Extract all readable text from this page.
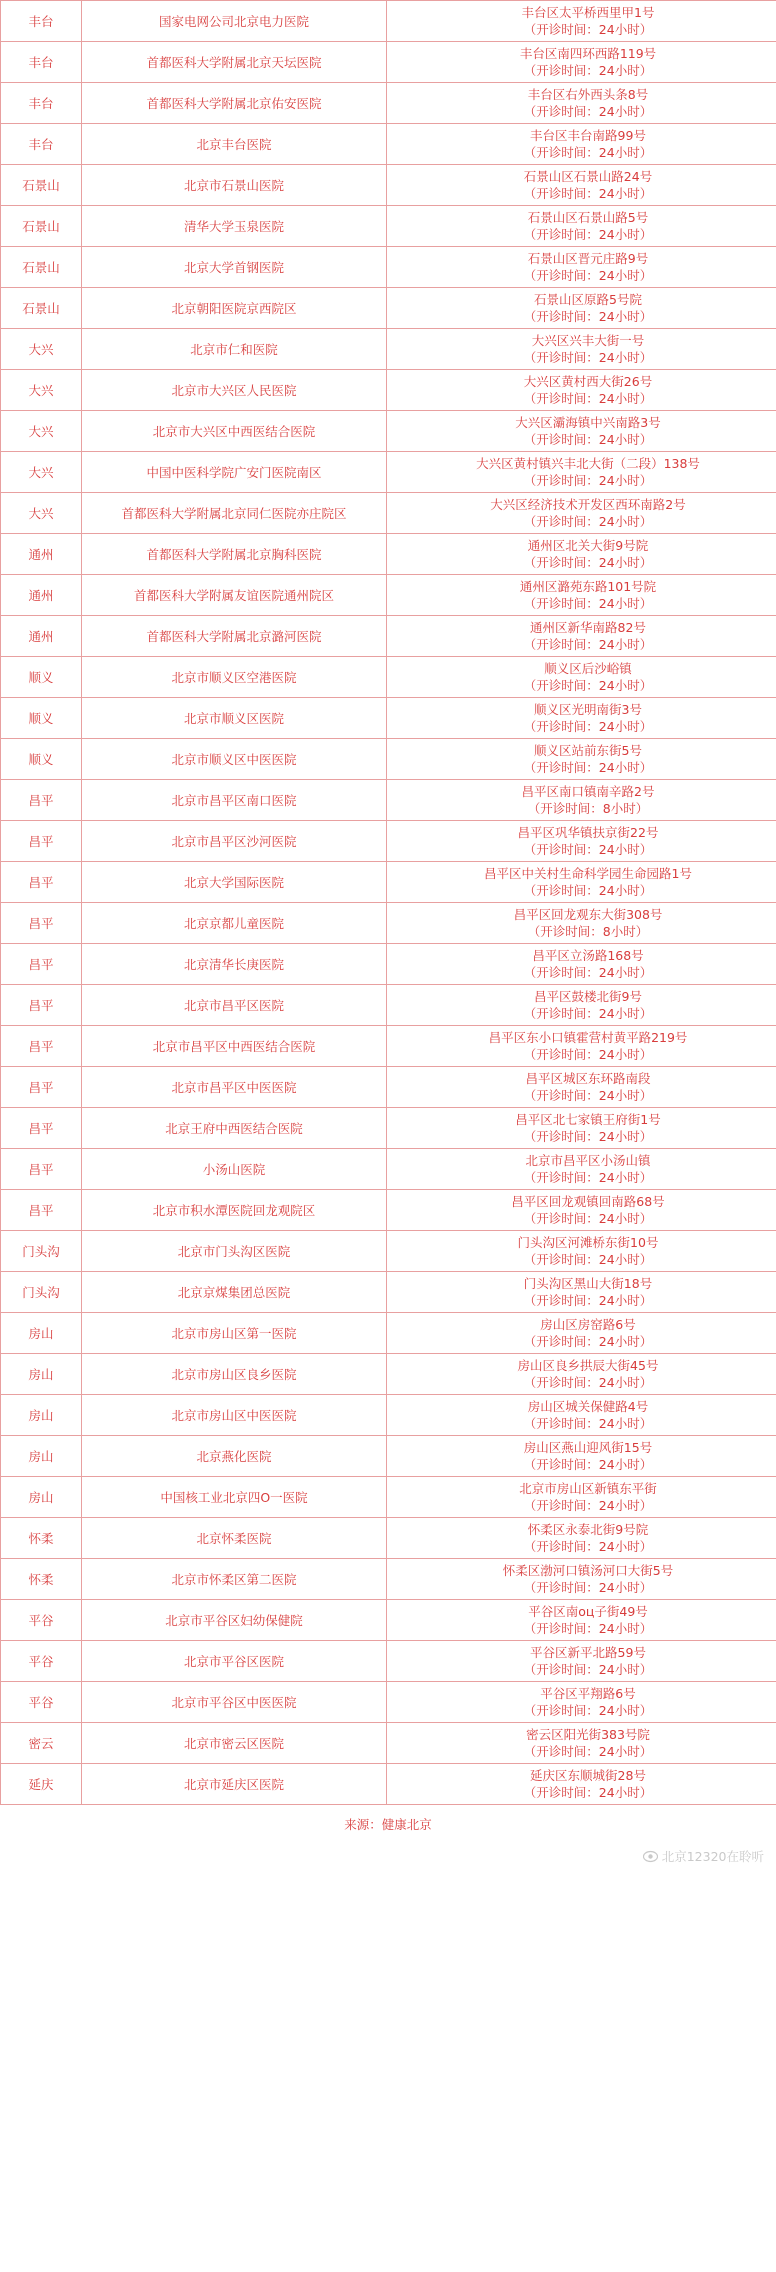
丰台	国家电网公司北京电力医院	丰台区太平桥西里甲1号
（开诊时间：24小时）

丰台	首都医科大学附属北京天坛医院	丰台区南四环西路119号
（开诊时间：24小时）

丰台	首都医科大学附属北京佑安医院	丰台区右外西头条8号
（开诊时间：24小时）

丰台	北京丰台医院	丰台区丰台南路99号
（开诊时间：24小时）

石景山	北京市石景山医院	石景山区石景山路24号
（开诊时间：24小时）

石景山	清华大学玉泉医院	石景山区石景山路5号
（开诊时间：24小时）

石景山	北京大学首钢医院	石景山区晋元庄路9号
（开诊时间：24小时）

石景山	北京朝阳医院京西院区	石景山区原路5号院
（开诊时间：24小时）

大兴	北京市仁和医院	大兴区兴丰大街一号
（开诊时间：24小时）

大兴	北京市大兴区人民医院	大兴区黄村西大街26号
（开诊时间：24小时）

大兴	北京市大兴区中西医结合医院	大兴区灞海镇中兴南路3号
（开诊时间：24小时）

大兴	中国中医科学院广安门医院南区	大兴区黄村镇兴丰北大街（二段）138号
（开诊时间：24小时）

大兴	首都医科大学附属北京同仁医院亦庄院区	大兴区经济技术开发区西环南路2号
（开诊时间：24小时）

通州	首都医科大学附属北京胸科医院	通州区北关大街9号院
（开诊时间：24小时）

通州	首都医科大学附属友谊医院通州院区	通州区潞苑东路101号院
（开诊时间：24小时）

通州	首都医科大学附属北京潞河医院	通州区新华南路82号
（开诊时间：24小时）

顺义	北京市顺义区空港医院	顺义区后沙峪镇
（开诊时间：24小时）

顺义	北京市顺义区医院	顺义区光明南街3号
（开诊时间：24小时）

顺义	北京市顺义区中医医院	顺义区站前东街5号
（开诊时间：24小时）

昌平	北京市昌平区南口医院	昌平区南口镇南辛路2号
（开诊时间：8小时）

昌平	北京市昌平区沙河医院	昌平区巩华镇扶京街22号
（开诊时间：24小时）

昌平	北京大学国际医院	昌平区中关村生命科学园生命园路1号
（开诊时间：24小时）

昌平	北京京都儿童医院	昌平区回龙观东大街308号
（开诊时间：8小时）

昌平	北京清华长庚医院	昌平区立汤路168号
（开诊时间：24小时）

昌平	北京市昌平区医院	昌平区鼓楼北街9号
（开诊时间：24小时）

昌平	北京市昌平区中西医结合医院	昌平区东小口镇霍营村黄平路219号
（开诊时间：24小时）

昌平	北京市昌平区中医医院	昌平区城区东环路南段
（开诊时间：24小时）

昌平	北京王府中西医结合医院	昌平区北七家镇王府街1号
（开诊时间：24小时）

昌平	小汤山医院	北京市昌平区小汤山镇
（开诊时间：24小时）

昌平	北京市积水潭医院回龙观院区	昌平区回龙观镇回南路68号
（开诊时间：24小时）

门头沟	北京市门头沟区医院	门头沟区河滩桥东街10号
（开诊时间：24小时）

门头沟	北京京煤集团总医院	门头沟区黑山大街18号
（开诊时间：24小时）

房山	北京市房山区第一医院	房山区房窑路6号
（开诊时间：24小时）

房山	北京市房山区良乡医院	房山区良乡拱辰大街45号
（开诊时间：24小时）

房山	北京市房山区中医医院	房山区城关保健路4号
（开诊时间：24小时）

房山	北京燕化医院	房山区燕山迎风街15号
（开诊时间：24小时）

房山	中国核工业北京四O一医院	北京市房山区新镇东平街
（开诊时间：24小时）

怀柔	北京怀柔医院	怀柔区永泰北街9号院
（开诊时间：24小时）

怀柔	北京市怀柔区第二医院	怀柔区渤河口镇汤河口大街5号
（开诊时间：24小时）

平谷	北京市平谷区妇幼保健院	平谷区南оц子街49号
（开诊时间：24小时）

平谷	北京市平谷区医院	平谷区新平北路59号
（开诊时间：24小时）

平谷	北京市平谷区中医医院	平谷区平翔路6号
（开诊时间：24小时）

密云	北京市密云区医院	密云区阳光街383号院
（开诊时间：24小时）

延庆	北京市延庆区医院	延庆区东顺城街28号
（开诊时间：24小时）
来源：健康北京
北京12320在聆听
